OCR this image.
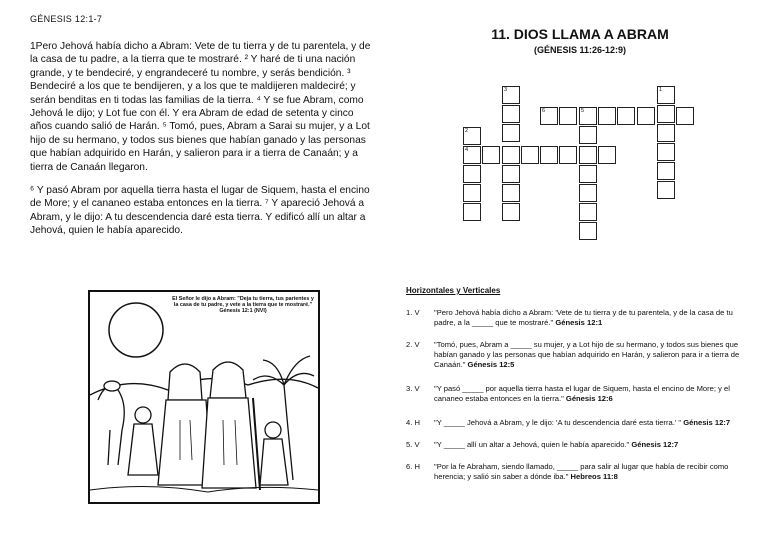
GÉNESIS 12:1-7

1Pero Jehová había dicho a Abram: Vete de tu tierra y de tu parentela, y de la casa de tu padre, a la tierra que te mostraré. ² Y haré de ti una nación grande, y te bendeciré, y engrandeceré tu nombre, y serás bendición. ³ Bendeciré a los que te bendijeren, y a los que te maldijeren maldeciré; y serán benditas en ti todas las familias de la tierra. ⁴ Y se fue Abram, como Jehová le dijo; y Lot fue con él. Y era Abram de edad de setenta y cinco años cuando salió de Harán. ⁵ Tomó, pues, Abram a Sarai su mujer, y a Lot hijo de su hermano, y todos sus bienes que habían ganado y las personas que habían adquirido en Harán, y salieron para ir a tierra de Canaán; y a tierra de Canaán llegaron.

⁶ Y pasó Abram por aquella tierra hasta el lugar de Siquem, hasta el encino de More; y el cananeo estaba entonces en la tierra. ⁷ Y apareció Jehová a Abram, y le dijo: A tu descendencia daré esta tierra. Y edificó allí un altar a Jehová, quien le había aparecido.

El Señor le dijo a Abram: "Deja tu tierra, tus parientes y la casa de tu padre, y vete a la tierra que te mostraré." Génesis 12:1 (NVI)
11. DIOS LLAMA A ABRAM
(GÉNESIS 11:26-12:9)
1
2
4
3
6	5
Horizontales y Verticales
1. V	"Pero Jehová había dicho a Abram: 'Vete de tu tierra y de tu parentela, y de la casa de tu padre, a la _____ que te mostraré." Génesis 12:1
2. V	"Tomó, pues, Abram a _____ su mujer, y a Lot hijo de su hermano, y todos sus bienes que habían ganado y las personas que habían adquirido en Harán, y salieron para ir a tierra de Canaán." Génesis 12:5
3. V	"Y pasó _____ por aquella tierra hasta el lugar de Siquem, hasta el encino de More; y el cananeo estaba entonces en la tierra." Génesis 12:6
4. H	"Y _____ Jehová a Abram, y le dijo: 'A tu descendencia daré esta tierra.' " Génesis 12:7
5. V	"Y _____ allí un altar a Jehová, quien le había aparecido." Génesis 12:7
6. H	"Por la fe Abraham, siendo llamado, _____ para salir al lugar que había de recibir como herencia; y salió sin saber a dónde iba." Hebreos 11:8
